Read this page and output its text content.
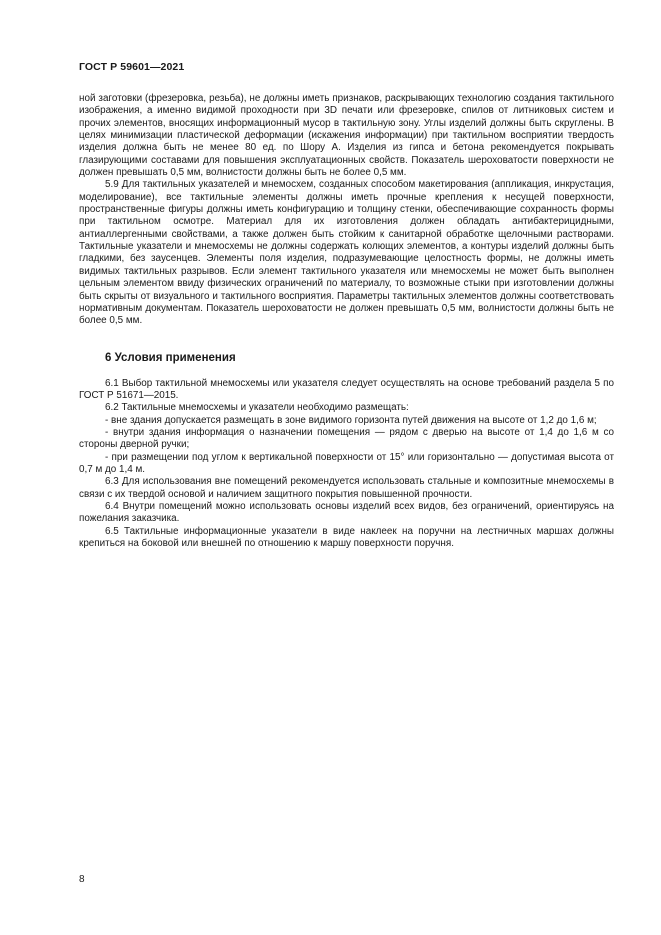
ГОСТ Р 59601—2021

ной заготовки (фрезеровка, резьба), не должны иметь признаков, раскрывающих технологию создания тактильного изображения, а именно видимой проходности при 3D печати или фрезеровке, спилов от литниковых систем и прочих элементов, вносящих информационный мусор в тактильную зону. Углы изделий должны быть скруглены. В целях минимизации пластической деформации (искажения информации) при тактильном восприятии твердость изделия должна быть не менее 80 ед. по Шору А. Изделия из гипса и бетона рекомендуется покрывать глазирующими составами для повышения эксплуатационных свойств. Показатель шероховатости поверхности не должен превышать 0,5 мм, волнистости должны быть не более 0,5 мм.

5.9 Для тактильных указателей и мнемосхем, созданных способом макетирования (аппликация, инкрустация, моделирование), все тактильные элементы должны иметь прочные крепления к несущей поверхности, пространственные фигуры должны иметь конфигурацию и толщину стенки, обеспечивающие сохранность формы при тактильном осмотре. Материал для их изготовления должен обладать антибактерицидными, антиаллергенными свойствами, а также должен быть стойким к санитарной обработке щелочными растворами. Тактильные указатели и мнемосхемы не должны содержать колющих элементов, а контуры изделий должны быть гладкими, без заусенцев. Элементы поля изделия, подразумевающие целостность формы, не должны иметь видимых тактильных разрывов. Если элемент тактильного указателя или мнемосхемы не может быть выполнен цельным элементом ввиду физических ограничений по материалу, то возможные стыки при изготовлении должны быть скрыты от визуального и тактильного восприятия. Параметры тактильных элементов должны соответствовать нормативным документам. Показатель шероховатости не должен превышать 0,5 мм, волнистости должны быть не более 0,5 мм.

6 Условия применения

6.1 Выбор тактильной мнемосхемы или указателя следует осуществлять на основе требований раздела 5 по ГОСТ Р 51671—2015.

6.2 Тактильные мнемосхемы и указатели необходимо размещать:

- вне здания допускается размещать в зоне видимого горизонта путей движения на высоте от 1,2 до 1,6 м;

- внутри здания информация о назначении помещения — рядом с дверью на высоте от 1,4 до 1,6 м со стороны дверной ручки;

- при размещении под углом к вертикальной поверхности от 15° или горизонтально — допустимая высота от 0,7 м до 1,4 м.

6.3 Для использования вне помещений рекомендуется использовать стальные и композитные мнемосхемы в связи с их твердой основой и наличием защитного покрытия повышенной прочности.

6.4 Внутри помещений можно использовать основы изделий всех видов, без ограничений, ориентируясь на пожелания заказчика.

6.5 Тактильные информационные указатели в виде наклеек на поручни на лестничных маршах должны крепиться на боковой или внешней по отношению к маршу поверхности поручня.

8
